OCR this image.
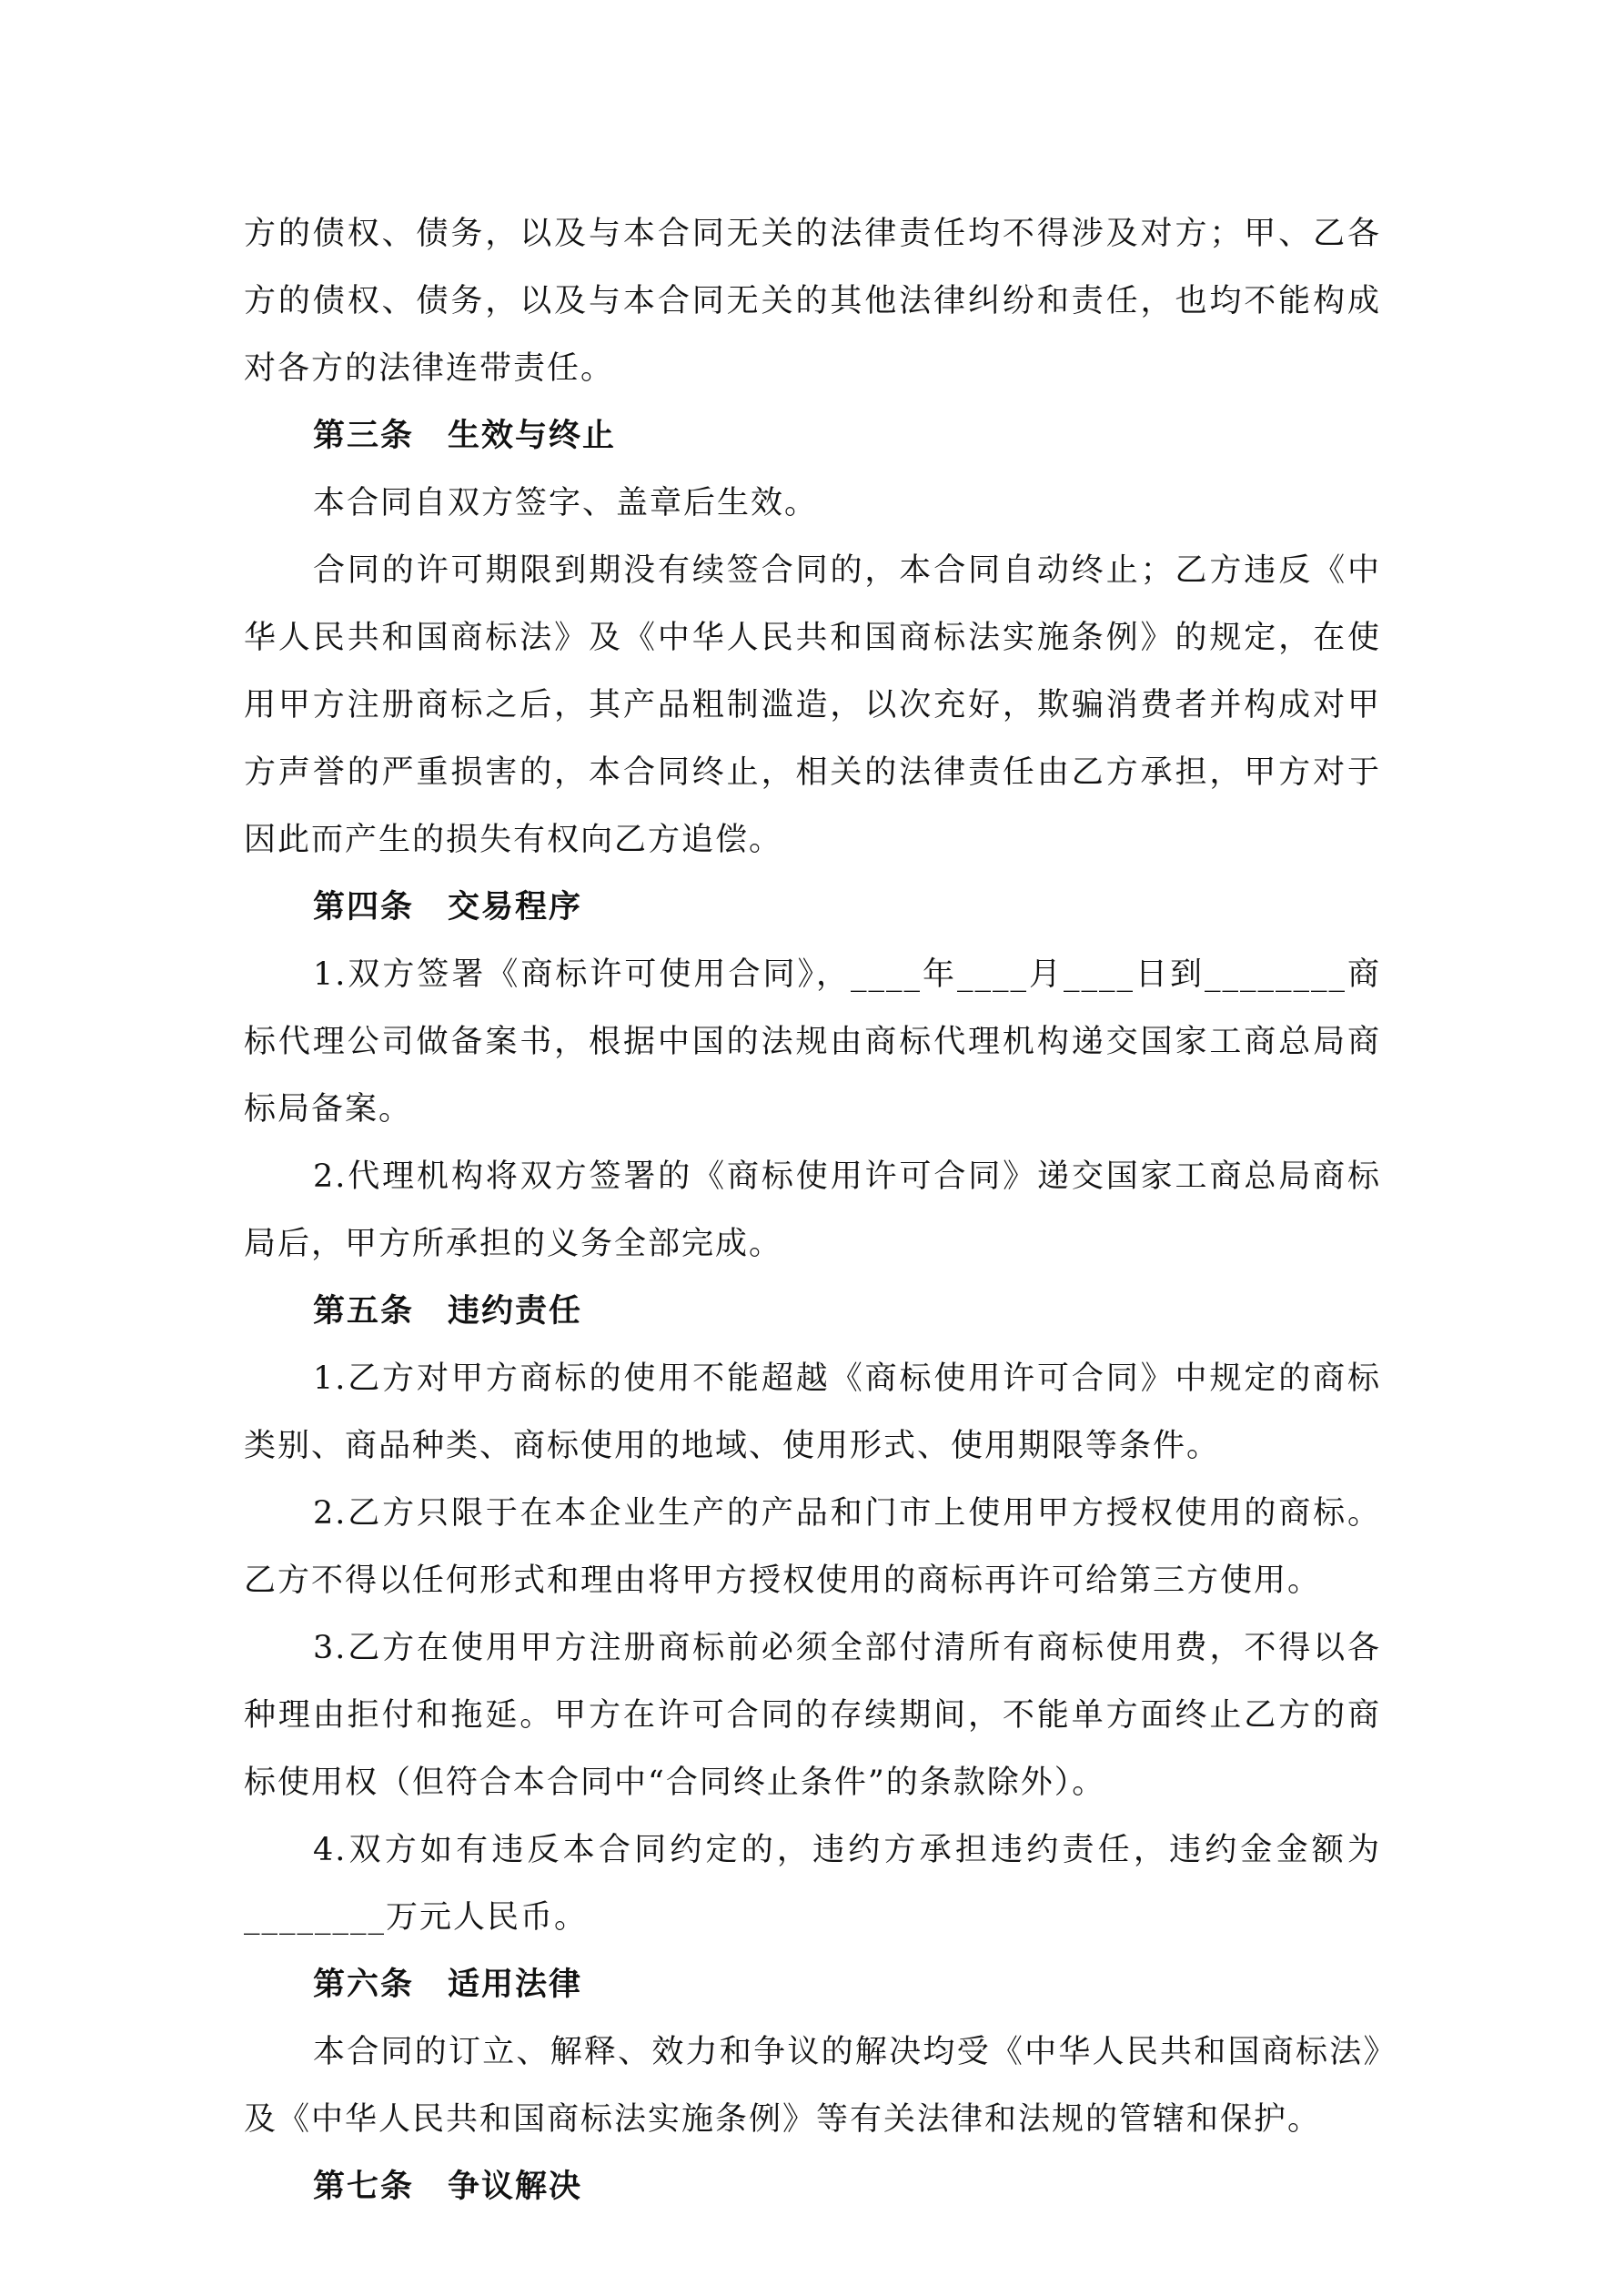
方的债权、债务，以及与本合同无关的法律责任均不得涉及对方；甲、乙各方的债权、债务，以及与本合同无关的其他法律纠纷和责任，也均不能构成对各方的法律连带责任。

第三条　生效与终止

本合同自双方签字、盖章后生效。

合同的许可期限到期没有续签合同的，本合同自动终止；乙方违反《中华人民共和国商标法》及《中华人民共和国商标法实施条例》的规定，在使用甲方注册商标之后，其产品粗制滥造，以次充好，欺骗消费者并构成对甲方声誉的严重损害的，本合同终止，相关的法律责任由乙方承担，甲方对于因此而产生的损失有权向乙方追偿。

第四条　交易程序

1.双方签署《商标许可使用合同》，____年____月____日到________商标代理公司做备案书，根据中国的法规由商标代理机构递交国家工商总局商标局备案。

2.代理机构将双方签署的《商标使用许可合同》递交国家工商总局商标局后，甲方所承担的义务全部完成。

第五条　违约责任

1.乙方对甲方商标的使用不能超越《商标使用许可合同》中规定的商标类别、商品种类、商标使用的地域、使用形式、使用期限等条件。

2.乙方只限于在本企业生产的产品和门市上使用甲方授权使用的商标。乙方不得以任何形式和理由将甲方授权使用的商标再许可给第三方使用。

3.乙方在使用甲方注册商标前必须全部付清所有商标使用费，不得以各种理由拒付和拖延。甲方在许可合同的存续期间，不能单方面终止乙方的商标使用权（但符合本合同中“合同终止条件”的条款除外）。

4.双方如有违反本合同约定的，违约方承担违约责任，违约金金额为________万元人民币。

第六条　适用法律

本合同的订立、解释、效力和争议的解决均受《中华人民共和国商标法》及《中华人民共和国商标法实施条例》等有关法律和法规的管辖和保护。

第七条　争议解决
